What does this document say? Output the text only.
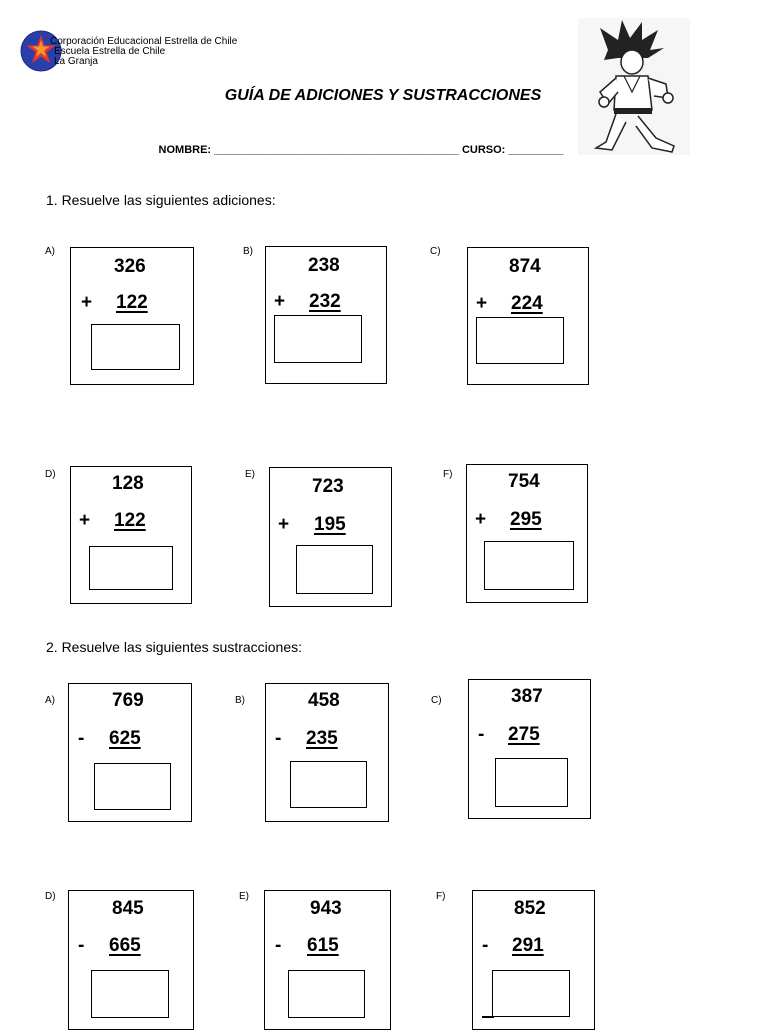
Corporación Educacional Estrella de Chile
Escuela Estrella de Chile
La Granja
GUÍA DE ADICIONES Y SUSTRACCIONES
NOMBRE: ________________________________________ CURSO: _________
1. Resuelve las siguientes adiciones:
A)
326
+ 122
B)
238
+ 232
C)
874
+ 224
D)	128
+ 122
E)
723
+ 195
F)	754
+ 295
2. Resuelve las siguientes sustracciones:
A)	769
- 625
B)	458
- 235
C)	387
- 275
D)
845
- 665
E)
943
- 615
F)
852
- 291
